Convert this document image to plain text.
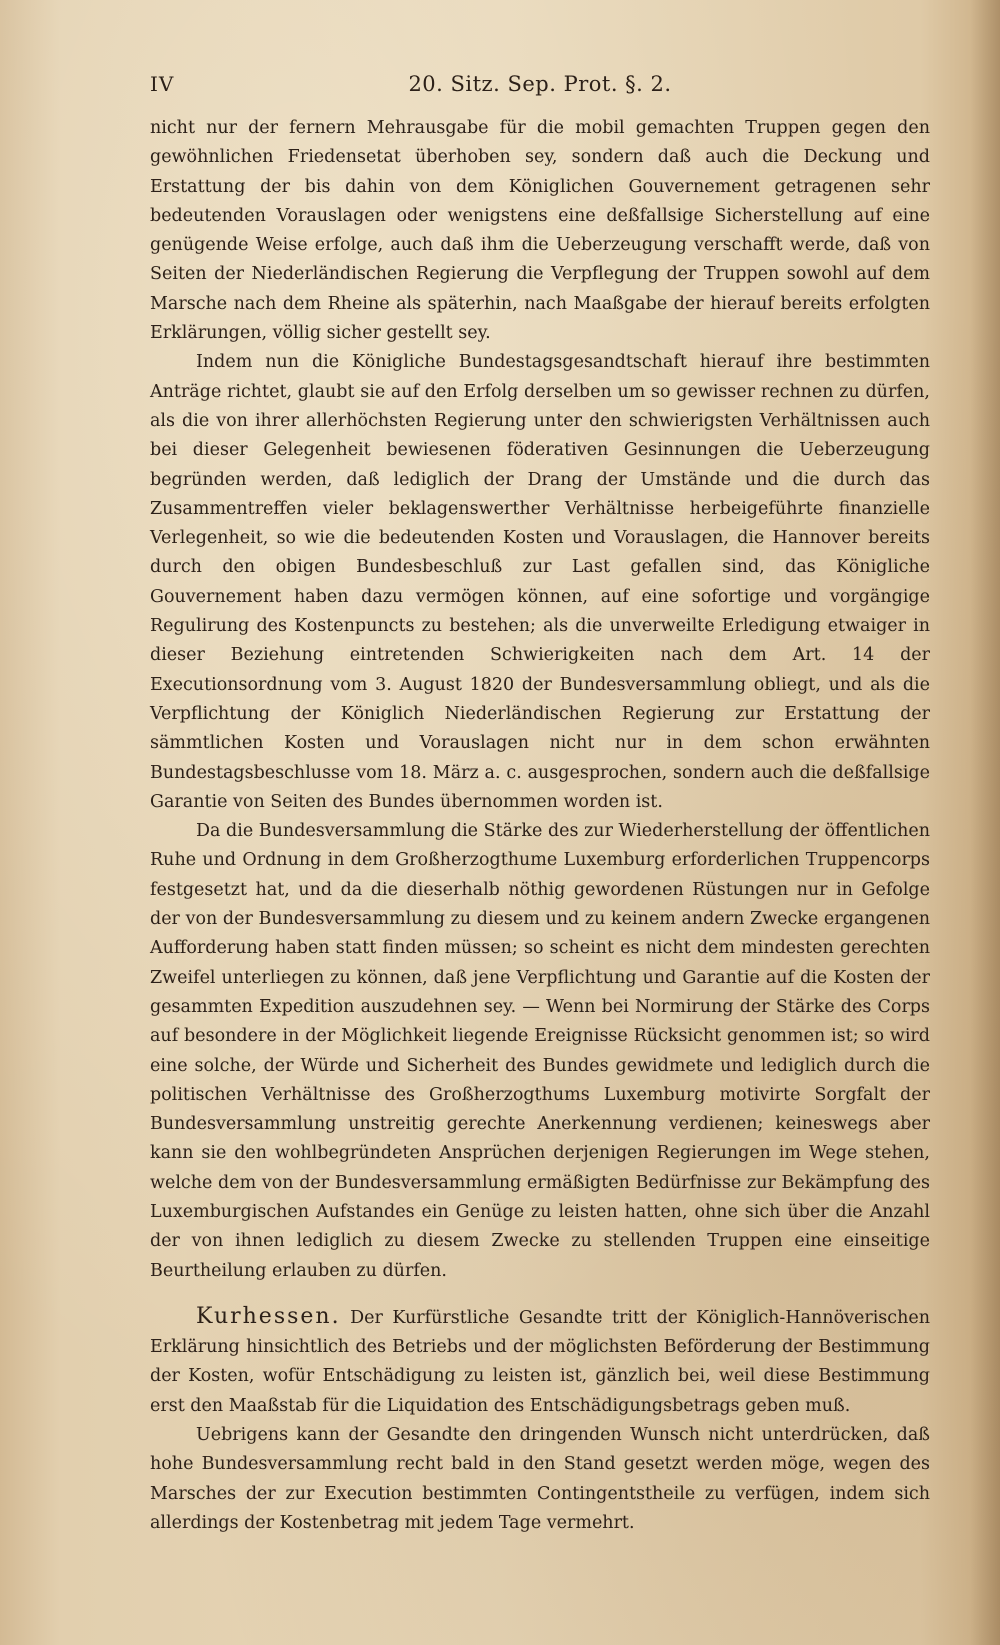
IV	20. Sitz. Sep. Prot. §. 2.

nicht nur der fernern Mehrausgabe für die mobil gemachten Truppen gegen den gewöhnlichen Friedensetat überhoben sey, sondern daß auch die Deckung und Erstattung der bis dahin von dem Königlichen Gouvernement getragenen sehr bedeutenden Vorauslagen oder wenigstens eine deßfallsige Sicherstellung auf eine genügende Weise erfolge, auch daß ihm die Ueberzeugung verschafft werde, daß von Seiten der Niederländischen Regierung die Verpflegung der Truppen sowohl auf dem Marsche nach dem Rheine als späterhin, nach Maaßgabe der hierauf bereits erfolgten Erklärungen, völlig sicher gestellt sey.

Indem nun die Königliche Bundestagsgesandtschaft hierauf ihre bestimmten Anträge richtet, glaubt sie auf den Erfolg derselben um so gewisser rechnen zu dürfen, als die von ihrer allerhöchsten Regierung unter den schwierigsten Verhältnissen auch bei dieser Gelegenheit bewiesenen föderativen Gesinnungen die Ueberzeugung begründen werden, daß lediglich der Drang der Umstände und die durch das Zusammentreffen vieler beklagenswerther Verhältnisse herbeigeführte finanzielle Verlegenheit, so wie die bedeutenden Kosten und Vorauslagen, die Hannover bereits durch den obigen Bundesbeschluß zur Last gefallen sind, das Königliche Gouvernement haben dazu vermögen können, auf eine sofortige und vorgängige Regulirung des Kostenpuncts zu bestehen; als die unverweilte Erledigung etwaiger in dieser Beziehung eintretenden Schwierigkeiten nach dem Art. 14 der Executionsordnung vom 3. August 1820 der Bundesversammlung obliegt, und als die Verpflichtung der Königlich Niederländischen Regierung zur Erstattung der sämmtlichen Kosten und Vorauslagen nicht nur in dem schon erwähnten Bundestagsbeschlusse vom 18. März a. c. ausgesprochen, sondern auch die deßfallsige Garantie von Seiten des Bundes übernommen worden ist.

Da die Bundesversammlung die Stärke des zur Wiederherstellung der öffentlichen Ruhe und Ordnung in dem Großherzogthume Luxemburg erforderlichen Truppencorps festgesetzt hat, und da die dieserhalb nöthig gewordenen Rüstungen nur in Gefolge der von der Bundesversammlung zu diesem und zu keinem andern Zwecke ergangenen Aufforderung haben statt finden müssen; so scheint es nicht dem mindesten gerechten Zweifel unterliegen zu können, daß jene Verpflichtung und Garantie auf die Kosten der gesammten Expedition auszudehnen sey. — Wenn bei Normirung der Stärke des Corps auf besondere in der Möglichkeit liegende Ereignisse Rücksicht genommen ist; so wird eine solche, der Würde und Sicherheit des Bundes gewidmete und lediglich durch die politischen Verhältnisse des Großherzogthums Luxemburg motivirte Sorgfalt der Bundesversammlung unstreitig gerechte Anerkennung verdienen; keineswegs aber kann sie den wohlbegründeten Ansprüchen derjenigen Regierungen im Wege stehen, welche dem von der Bundesversammlung ermäßigten Bedürfnisse zur Bekämpfung des Luxemburgischen Aufstandes ein Genüge zu leisten hatten, ohne sich über die Anzahl der von ihnen lediglich zu diesem Zwecke zu stellenden Truppen eine einseitige Beurtheilung erlauben zu dürfen.

Kurhessen. Der Kurfürstliche Gesandte tritt der Königlich-Hannöverischen Erklärung hinsichtlich des Betriebs und der möglichsten Beförderung der Bestimmung der Kosten, wofür Entschädigung zu leisten ist, gänzlich bei, weil diese Bestimmung erst den Maaßstab für die Liquidation des Entschädigungsbetrags geben muß.

Uebrigens kann der Gesandte den dringenden Wunsch nicht unterdrücken, daß hohe Bundesversammlung recht bald in den Stand gesetzt werden möge, wegen des Marsches der zur Execution bestimmten Contingentstheile zu verfügen, indem sich allerdings der Kostenbetrag mit jedem Tage vermehrt.
